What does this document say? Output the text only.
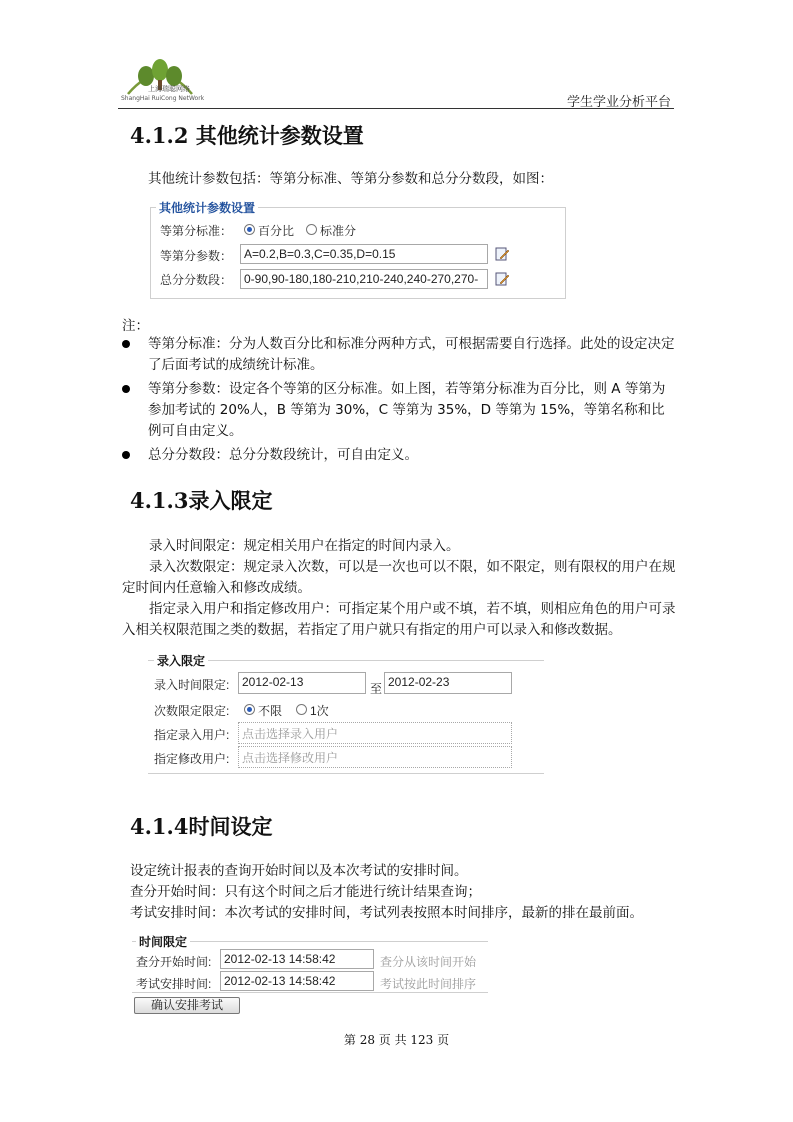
上海瑞聪网络
ShangHai RuiCong NetWork	学生学业分析平台
4.1.2 其他统计参数设置
其他统计参数包括：等第分标准、等第分参数和总分分数段，如图：
其他统计参数设置
等第分标准： 百分比 标准分
等第分参数： A=0.2,B=0.3,C=0.35,D=0.15
总分分数段： 0-90,90-180,180-210,210-240,240-270,270-
注：
等第分标准：分为人数百分比和标准分两种方式，可根据需要自行选择。此处的设定决定了后面考试的成绩统计标准。
等第分参数：设定各个等第的区分标准。如上图，若等第分标准为百分比，则 A 等第为参加考试的 20%人，B 等第为 30%，C 等第为 35%，D 等第为 15%，等第名称和比例可自由定义。
总分分数段：总分分数段统计，可自由定义。
4.1.3录入限定
录入时间限定：规定相关用户在指定的时间内录入。
录入次数限定：规定录入次数，可以是一次也可以不限，如不限定，则有限权的用户在规定时间内任意输入和修改成绩。
指定录入用户和指定修改用户：可指定某个用户或不填，若不填，则相应角色的用户可录入相关权限范围之类的数据，若指定了用户就只有指定的用户可以录入和修改数据。
录入限定
录入时间限定:	2012-02-13	至 2012-02-23
次数限定限定: 不限 1次
指定录入用户:	点击选择录入用户
指定修改用户:	点击选择修改用户
4.1.4时间设定
设定统计报表的查询开始时间以及本次考试的安排时间。
查分开始时间：只有这个时间之后才能进行统计结果查询；
考试安排时间：本次考试的安排时间，考试列表按照本时间排序，最新的排在最前面。
时间限定
查分开始时间:	2012-02-13 14:58:42	查分从该时间开始
考试安排时间:	2012-02-13 14:58:42	考试按此时间排序
确认安排考试
第 28 页 共 123 页
